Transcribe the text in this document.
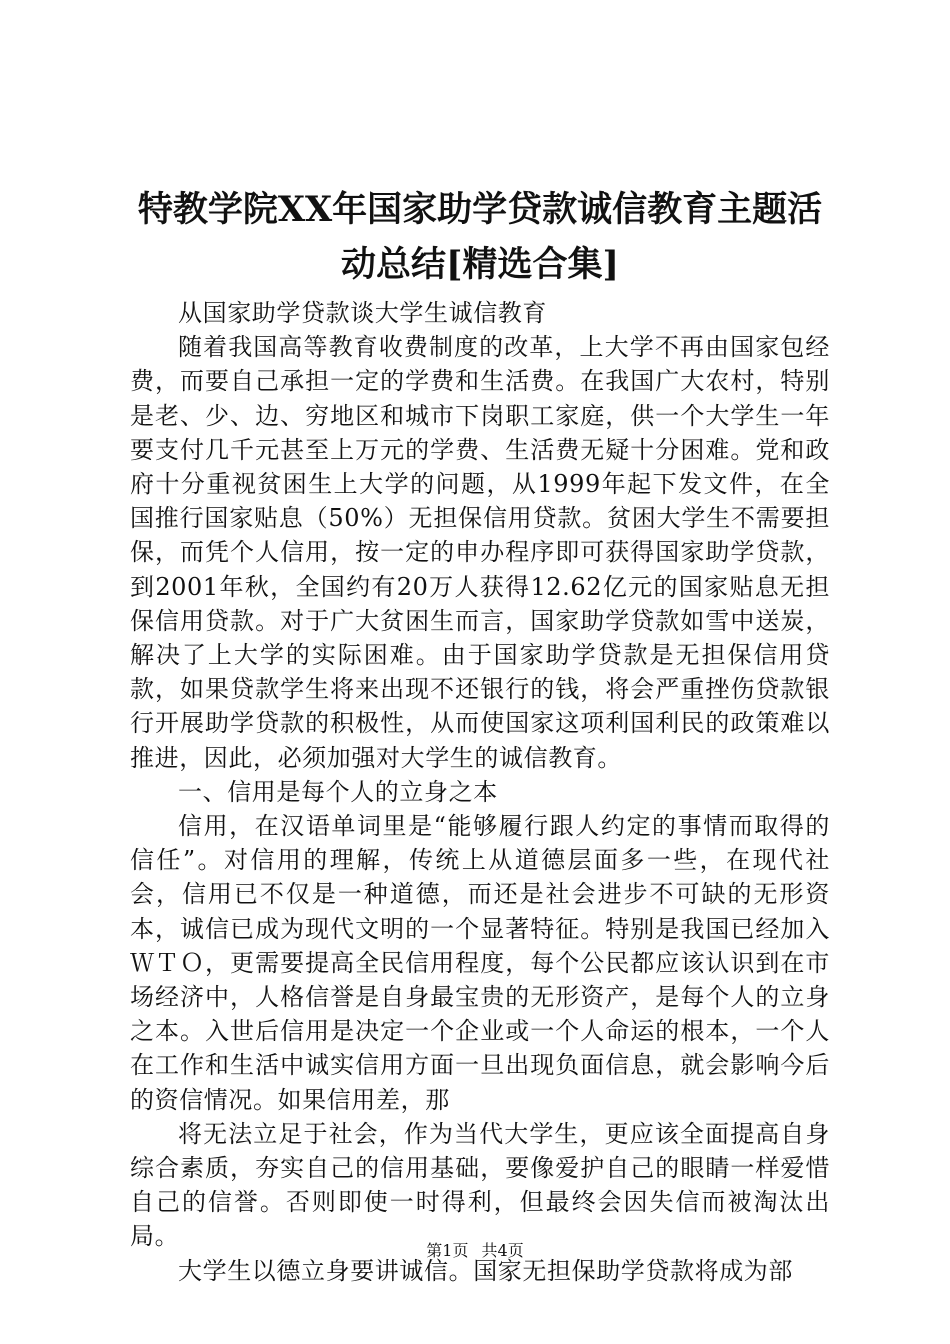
特教学院XX年国家助学贷款诚信教育主题活
动总结[精选合集]

从国家助学贷款谈大学生诚信教育

随着我国高等教育收费制度的改革，上大学不再由国家包经费，而要自己承担一定的学费和生活费。在我国广大农村，特别是老、少、边、穷地区和城市下岗职工家庭，供一个大学生一年要支付几千元甚至上万元的学费、生活费无疑十分困难。党和政府十分重视贫困生上大学的问题，从1999年起下发文件，在全国推行国家贴息（50%）无担保信用贷款。贫困大学生不需要担保，而凭个人信用，按一定的申办程序即可获得国家助学贷款，到2001年秋，全国约有20万人获得12.62亿元的国家贴息无担保信用贷款。对于广大贫困生而言，国家助学贷款如雪中送炭，解决了上大学的实际困难。由于国家助学贷款是无担保信用贷款，如果贷款学生将来出现不还银行的钱，将会严重挫伤贷款银行开展助学贷款的积极性，从而使国家这项利国利民的政策难以推进，因此，必须加强对大学生的诚信教育。

一、信用是每个人的立身之本

信用，在汉语单词里是“能够履行跟人约定的事情而取得的信任”。对信用的理解，传统上从道德层面多一些，在现代社会，信用已不仅是一种道德，而还是社会进步不可缺的无形资本，诚信已成为现代文明的一个显著特征。特别是我国已经加入ＷＴＯ，更需要提高全民信用程度，每个公民都应该认识到在市场经济中，人格信誉是自身最宝贵的无形资产，是每个人的立身之本。入世后信用是决定一个企业或一个人命运的根本，一个人在工作和生活中诚实信用方面一旦出现负面信息，就会影响今后的资信情况。如果信用差，那

将无法立足于社会，作为当代大学生，更应该全面提高自身综合素质，夯实自己的信用基础，要像爱护自己的眼睛一样爱惜自己的信誉。否则即使一时得利，但最终会因失信而被淘汰出局。

大学生以德立身要讲诚信。国家无担保助学贷款将成为部

第1页 共4页
